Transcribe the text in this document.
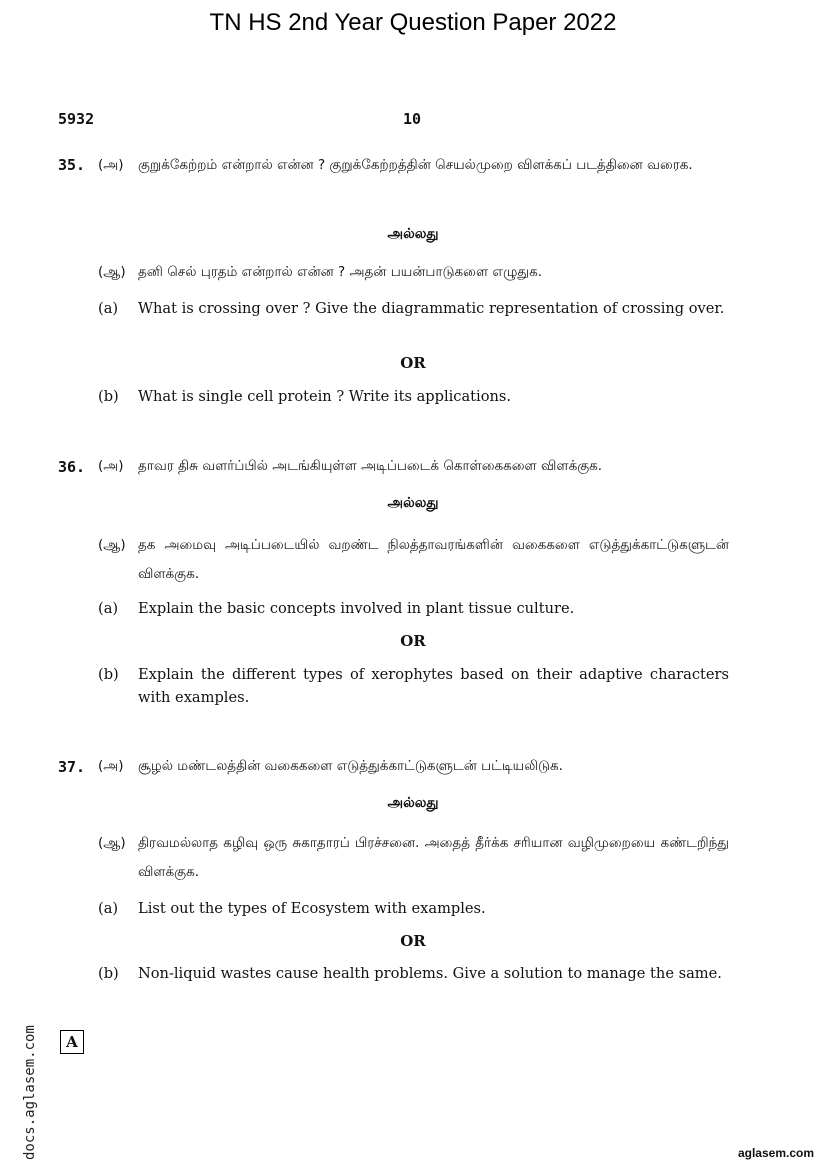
TN HS 2nd Year Question Paper 2022
5932	10
35. (அ) குறுக்கேற்றம் என்றால் என்ன ? குறுக்கேற்றத்தின் செயல்முறை விளக்கப் படத்தினை வரைக.
அல்லது
(ஆ) தனி செல் புரதம் என்றால் என்ன ? அதன் பயன்பாடுகளை எழுதுக.
(a) What is crossing over ? Give the diagrammatic representation of crossing over.
OR
(b) What is single cell protein ? Write its applications.
36. (அ) தாவர திசு வளர்ப்பில் அடங்கியுள்ள அடிப்படைக் கொள்கைகளை விளக்குக.
அல்லது
(ஆ) தக அமைவு அடிப்படையில் வறண்ட நிலத்தாவரங்களின் வகைகளை எடுத்துக்காட்டுகளுடன் விளக்குக.
(a) Explain the basic concepts involved in plant tissue culture.
OR
(b) Explain the different types of xerophytes based on their adaptive characters with examples.
37. (அ) சூழல் மண்டலத்தின் வகைகளை எடுத்துக்காட்டுகளுடன் பட்டியலிடுக.
அல்லது
(ஆ) திரவமல்லாத கழிவு ஒரு சுகாதாரப் பிரச்சனை. அதைத் தீர்க்க சரியான வழிமுறையை கண்டறிந்து விளக்குக.
(a) List out the types of Ecosystem with examples.
OR
(b) Non-liquid wastes cause health problems. Give a solution to manage the same.
A
docs.aglasem.com	aglasem.com
